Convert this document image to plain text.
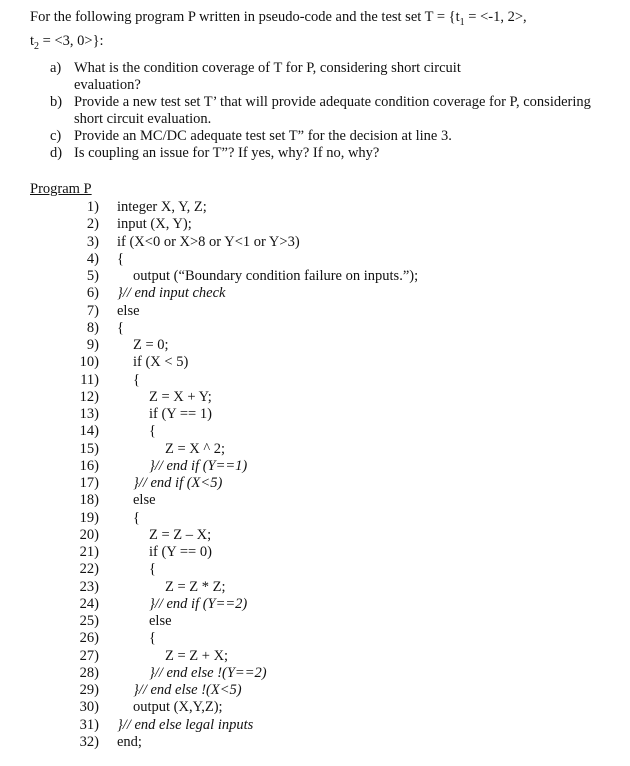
For the following program P written in pseudo-code and the test set $T = \{t_1 = <-1$, 2>,
$t_2 = <3$, 0>}:
a) What is the condition coverage of T for P, considering short circuit evaluation?
b) Provide a new test set T’ that will provide adequate condition coverage for P, considering short circuit evaluation.
c) Provide an MC/DC adequate test set T” for the decision at line 3.
d) Is coupling an issue for T”? If yes, why? If no, why?
Program P
1) integer X, Y, Z;
2) input (X, Y);
3) if (X<0 or X>8 or Y<1 or Y>3)
4) {
5) output (“Boundary condition failure on inputs.”);
6) }// end input check
7) else
8) {
9) Z = 0;
10) if (X < 5)
11) {
12)	Z = X + Y;
13)	if (Y == 1)
14)	{
15)	Z = X ^ 2;
16)	}// end if (Y==1)
17) }// end if (X<5)
18) else
19) {
20)	Z = Z – X;
21)	if (Y == 0)
22)	{
23)	Z = Z * Z;
24)	}// end if (Y==2)
25)	else
26)	{
27)	Z = Z + X;
28)	}// end else !(Y==2)
29) }// end else !(X<5)
30) output (X,Y,Z);
31) }// end else legal inputs
32) end;
